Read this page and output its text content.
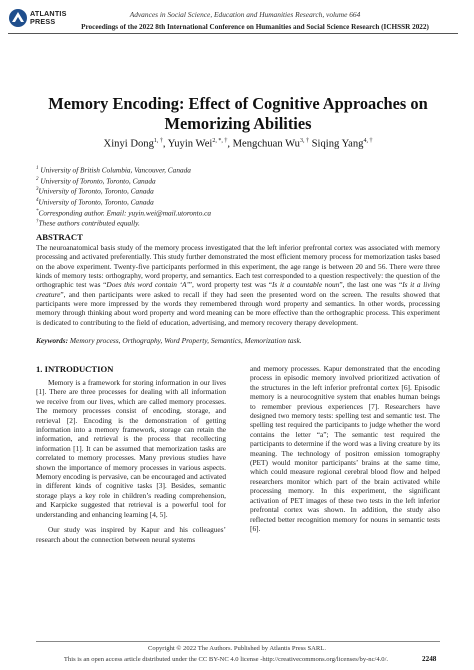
ATLANTIS
PRESS
Advances in Social Science, Education and Humanities Research, volume 664
Proceedings of the 2022 8th International Conference on Humanities and Social Science Research (ICHSSR 2022)
Memory Encoding: Effect of Cognitive Approaches on
Memorizing Abilities
Xinyi Dong$^{1, \dagger}$, Yuyin Wei$^{2, *, \dagger}$, Mengchuan $Wu^{3, \dagger}$ Siqing Yang$^{4, \dagger}$
$^1$ University of British Columbia, Vancouver, Canada
$^2$ University of Toronto, Toronto, Canada
$^3$University of Toronto, Toronto, Canada
$^4$University of Toronto, Toronto, Canada
*Corresponding author. Email: yuyin.wei@mail.utoronto.ca
†These authors contributed equally.
ABSTRACT
The neuroanatomical basis study of the memory process investigated that the left inferior prefrontal cortex was associated with memory processing and activated preferentially. This study further demonstrated the most efficient memory process for memorization tasks based on the above experiment. Twenty-five participants performed in this experiment, the age range is between 20 and 56. There were three kinds of memory tests: orthography, word property, and semantics. Each test corresponded to a question respectively: the question of the orthographic test was “Does this word contain ‘A’”, word property test was “Is it a countable noun”, the last one was “Is it a living creature”, and then participants were asked to recall if they had seen the presented word on the screen. The results showed that participants were more impressed by the words they remembered through word property and semantics. In other words, processing memory through thinking about word property and word meaning can be more effective than the orthographic process. This experiment is dedicated to contributing to the field of education, advertising, and memory recovery therapy development.
Keywords: Memory process, Orthography, Word Property, Semantics, Memorization task.
1. INTRODUCTION

Memory is a framework for storing information in our lives [1]. There are three processes for dealing with all information we receive from our lives, which are called memory processes. The memory processes consist of encoding, storage, and retrieval [2]. Encoding is the demonstration of getting information into a memory framework, storage can retain the information, and retrieval is the process that recollecting information [1]. It can be assumed that memorization tasks are correlated to memory processes. Many previous studies have shown the importance of memory processes in various aspects. Memory encoding is pervasive, can be encouraged and activated in different kinds of cognitive tasks [3]. Besides, semantic storage plays a key role in children’s reading comprehension, and Karpicke suggested that retrieval is a powerful tool for understanding and enhancing learning [4, 5].

Our study was inspired by Kapur and his colleagues’ research about the connection between neural systems

and memory processes. Kapur demonstrated that the encoding process in episodic memory involved prioritized activation of the structures in the left inferior prefrontal cortex [6]. Episodic memory is a neurocognitive system that enables human beings to remember previous experiences [7]. Researchers have designed two memory tests: spelling test and semantic test. The spelling test required the participants to judge whether the word contains the letter “a”; The semantic test required the participants to determine if the word was a living creature by its meaning. The technology of positron emission tomography (PET) would monitor participants’ brains at the same time, which could measure regional cerebral blood flow and helped researchers monitor which part of the brain activated while processing memory. In this experiment, the significant activation of PET images of these two tests in the left inferior prefrontal cortex was shown. In addition, the study also reflected better recognition memory for nouns in semantic tests [6].

Copyright © 2022 The Authors. Published by Atlantis Press SARL.
This is an open access article distributed under the CC BY-NC 4.0 license -http://creativecommons.org/licenses/by-nc/4.0/.	2248
